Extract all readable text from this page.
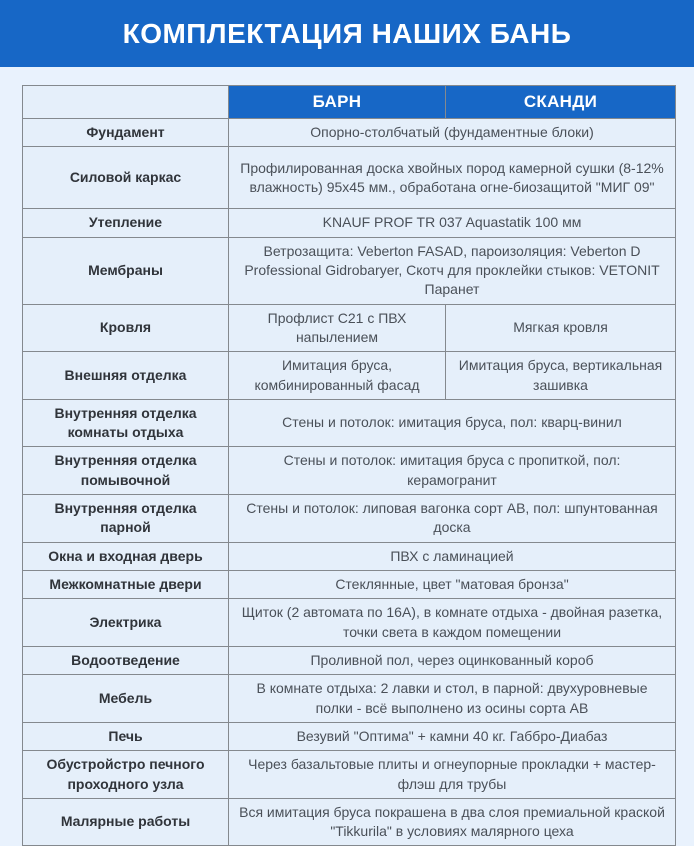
КОМПЛЕКТАЦИЯ НАШИХ БАНЬ
	БАРН	СКАНДИ
Фундамент	Опорно-столбчатый (фундаментные блоки)	
Силовой каркас	Профилированная доска хвойных пород камерной сушки (8-12% влажность) 95х45 мм., обработана огне-биозащитой "МИГ 09"	
Утепление	KNAUF PROF TR 037 Aquastatik 100 мм	
Мембраны	Ветрозащита: Veberton FASAD, пароизоляция: Veberton D Professional Gidrobaryer, Скотч для проклейки стыков: VETONIT Паранет	
Кровля	Профлист С21 с ПВХ напылением	Мягкая кровля
Внешняя отделка	Имитация бруса, комбинированный фасад	Имитация бруса, вертикальная зашивка
Внутренняя отделка комнаты отдыха	Стены и потолок: имитация бруса, пол: кварц-винил	
Внутренняя отделка помывочной	Стены и потолок: имитация бруса с пропиткой, пол: керамогранит	
Внутренняя отделка парной	Стены и потолок: липовая вагонка сорт АВ, пол: шпунтованная доска	
Окна и входная дверь	ПВХ с ламинацией	
Межкомнатные двери	Стеклянные, цвет "матовая бронза"	
Электрика	Щиток (2 автомата по 16А), в комнате отдыха - двойная разетка, точки света в каждом помещении	
Водоотведение	Проливной пол, через оцинкованный короб	
Мебель	В комнате отдыха: 2 лавки и стол, в парной: двухуровневые полки - всё выполнено из осины сорта АВ	
Печь	Везувий "Оптима" + камни 40 кг. Габбро-Диабаз	
Обустройстро печного проходного узла	Через базальтовые плиты и огнеупорные прокладки + мастер-флэш для трубы	
Малярные работы	Вся имитация бруса покрашена в два слоя премиальной краской "Tikkurila" в условиях малярного цеха	
